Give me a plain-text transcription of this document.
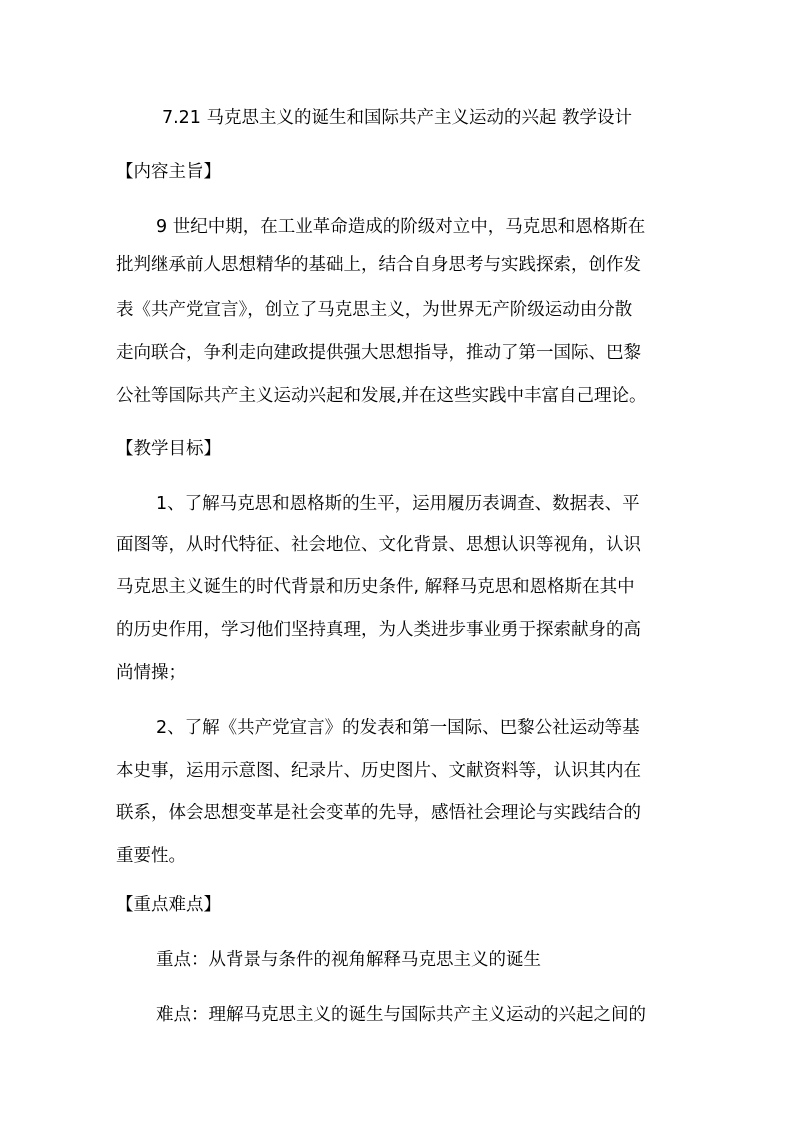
7.21 马克思主义的诞生和国际共产主义运动的兴起 教学设计

【内容主旨】

9 世纪中期，在工业革命造成的阶级对立中，马克思和恩格斯在

批判继承前人思想精华的基础上，结合自身思考与实践探索，创作发

表《共产党宣言》，创立了马克思主义，为世界无产阶级运动由分散

走向联合，争利走向建政提供强大思想指导，推动了第一国际、巴黎

公社等国际共产主义运动兴起和发展,并在这些实践中丰富自己理论。

【教学目标】

1、了解马克思和恩格斯的生平，运用履历表调查、数据表、平

面图等，从时代特征、社会地位、文化背景、思想认识等视角，认识

马克思主义诞生的时代背景和历史条件, 解释马克思和恩格斯在其中

的历史作用，学习他们坚持真理，为人类进步事业勇于探索献身的高

尚情操；

2、了解《共产党宣言》的发表和第一国际、巴黎公社运动等基

本史事，运用示意图、纪录片、历史图片、文献资料等，认识其内在

联系，体会思想变革是社会变革的先导，感悟社会理论与实践结合的

重要性。

【重点难点】

重点：从背景与条件的视角解释马克思主义的诞生

难点：理解马克思主义的诞生与国际共产主义运动的兴起之间的
